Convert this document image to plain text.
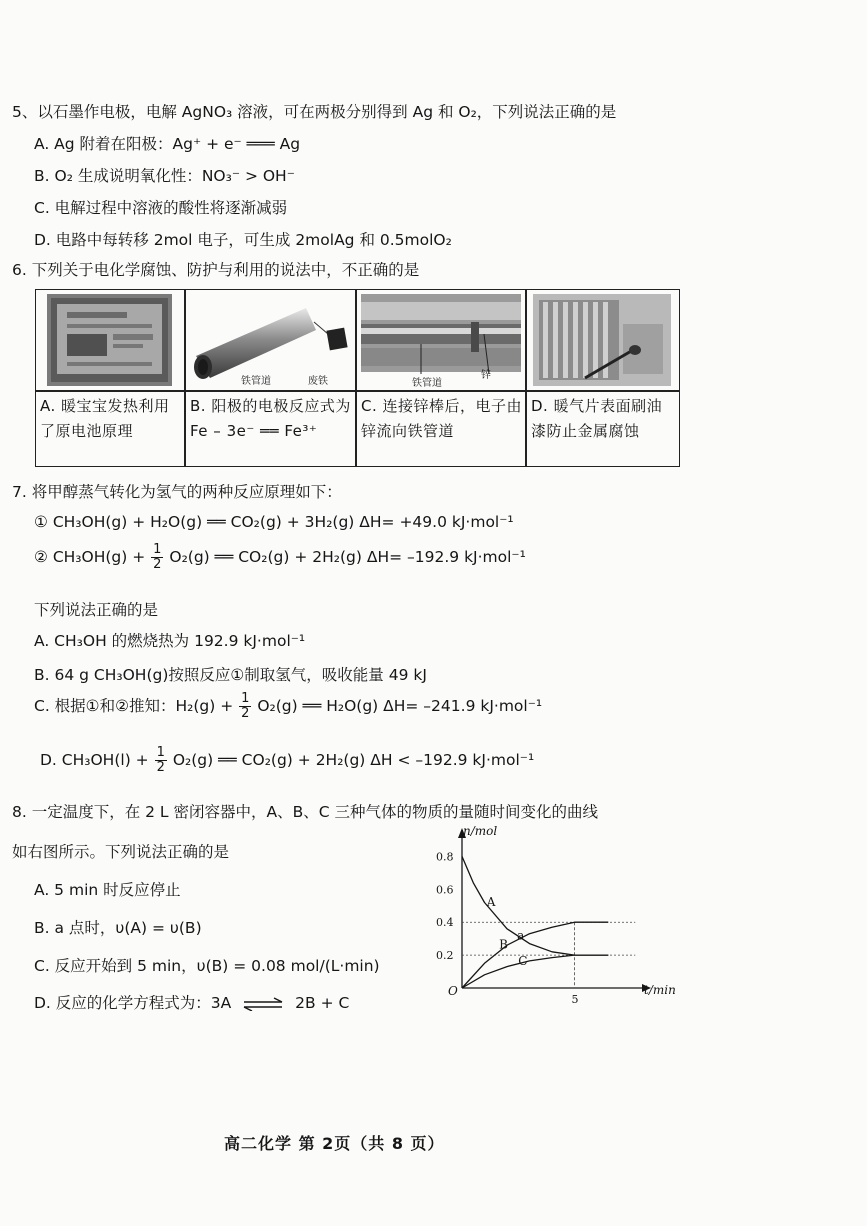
5、以石墨作电极，电解 AgNO₃ 溶液，可在两极分别得到 Ag 和 O₂，下列说法正确的是
A. Ag 附着在阳极：Ag⁺ + e⁻ ═══ Ag
B. O₂ 生成说明氧化性：NO₃⁻ > OH⁻
C. 电解过程中溶液的酸性将逐渐减弱
D. 电路中每转移 2mol 电子，可生成 2molAg 和 0.5molO₂
6. 下列关于电化学腐蚀、防护与利用的说法中，不正确的是
铁管道	废铁	铁管道
锌
A. 暖宝宝发热利用了原电池原理
B. 阳极的电极反应式为 Fe – 3e⁻ ══ Fe³⁺
C. 连接锌棒后，电子由锌流向铁管道
D. 暖气片表面刷油漆防止金属腐蚀
7. 将甲醇蒸气转化为氢气的两种反应原理如下：
① CH₃OH(g) + H₂O(g) ══ CO₂(g) + 3H₂(g) ΔH= +49.0 kJ·mol⁻¹
② $CH_3OH(g) + \frac{1}{2} O_2(g)$ ══ CO₂(g) + 2H₂(g) ΔH= –192.9 kJ·mol⁻¹
下列说法正确的是
A. CH₃OH 的燃烧热为 192.9 kJ·mol⁻¹
B. 64 g CH₃OH(g)按照反应①制取氢气，吸收能量 49 kJ
C. 根据①和②推知：$H_2(g) + \frac{1}{2} O_2(g)$ ══ H₂O(g) ΔH= –241.9 kJ·mol⁻¹
D. $CH_3OH(l) + \frac{1}{2} O_2(g)$ ══ CO₂(g) + 2H₂(g) ΔH < –192.9 kJ·mol⁻¹
8. 一定温度下，在 2 L 密闭容器中，A、B、C 三种气体的物质的量随时间变化的曲线
如右图所示。下列说法正确的是
A. 5 min 时反应停止
B. a 点时，υ(A) = υ(B)
C. 反应开始到 5 min，υ(B) = 0.08 mol/(L·min)
D. 反应的化学方程式为：3A ⇌ 2B + C
0.8
0.6
0.4
0.2
5
O
n/mol
t/min
A
B
C
a
高二化学 第 2页（共 8 页）
